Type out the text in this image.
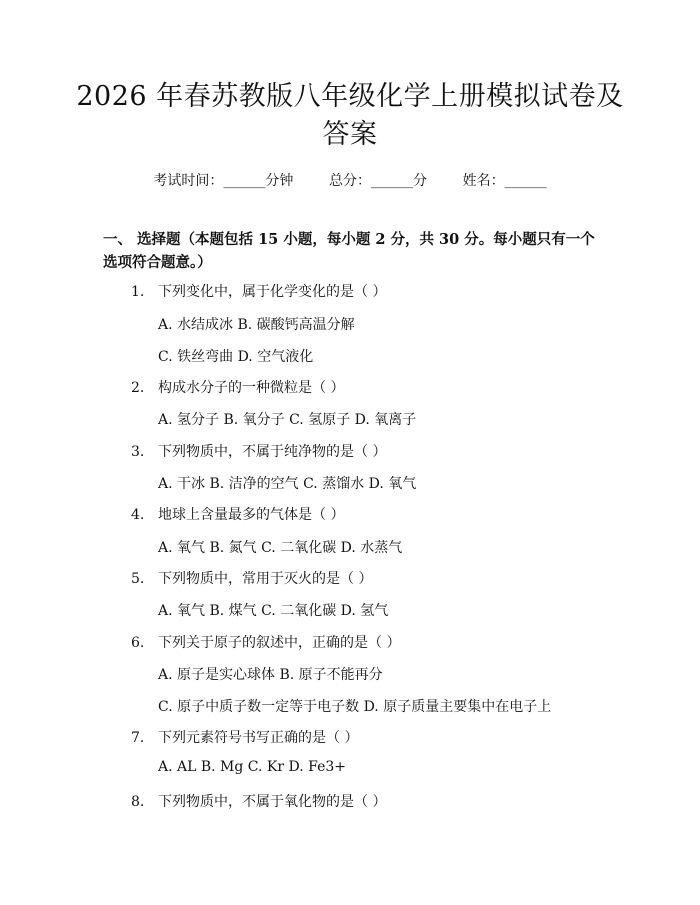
2026 年春苏教版八年级化学上册模拟试卷及
答案
考试时间：______分钟	总分：______分	姓名：______
一、 选择题（本题包括 15 小题，每小题 2 分，共 30 分。每小题只有一个选项符合题意。）
1. 下列变化中，属于化学变化的是（ ）
A. 水结成冰 B. 碳酸钙高温分解
C. 铁丝弯曲 D. 空气液化
2. 构成水分子的一种微粒是（ ）
A. 氢分子 B. 氧分子 C. 氢原子 D. 氧离子
3. 下列物质中，不属于纯净物的是（ ）
A. 干冰 B. 洁净的空气 C. 蒸馏水 D. 氧气
4. 地球上含量最多的气体是（ ）
A. 氧气 B. 氮气 C. 二氧化碳 D. 水蒸气
5. 下列物质中，常用于灭火的是（ ）
A. 氧气 B. 煤气 C. 二氧化碳 D. 氢气
6. 下列关于原子的叙述中，正确的是（ ）
A. 原子是实心球体 B. 原子不能再分
C. 原子中质子数一定等于电子数 D. 原子质量主要集中在电子上
7. 下列元素符号书写正确的是（ ）
A. AL B. Mg C. Kr D. Fe3+
8. 下列物质中，不属于氧化物的是（ ）
